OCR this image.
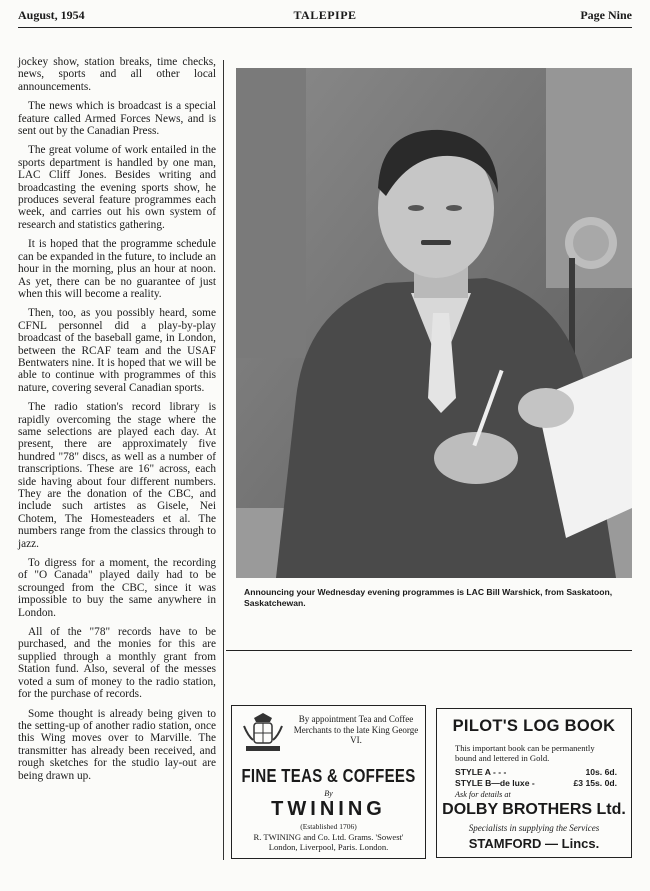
August, 1954	TALEPIPE	Page Nine

jockey show, station breaks, time checks, news, sports and all other local announcements.

The news which is broadcast is a special feature called Armed Forces News, and is sent out by the Canadian Press.

The great volume of work entailed in the sports department is handled by one man, LAC Cliff Jones. Besides writing and broadcasting the evening sports show, he produces several feature programmes each week, and carries out his own system of research and statistics gathering.

It is hoped that the programme schedule can be expanded in the future, to include an hour in the morning, plus an hour at noon. As yet, there can be no guarantee of just when this will become a reality.

Then, too, as you possibly heard, some CFNL personnel did a play-by-play broadcast of the baseball game, in London, between the RCAF team and the USAF Bentwaters nine. It is hoped that we will be able to continue with programmes of this nature, covering several Canadian sports.

The radio station's record library is rapidly overcoming the stage where the same selections are played each day. At present, there are approximately five hundred "78" discs, as well as a number of transcriptions. These are 16" across, each side having about four different numbers. They are the donation of the CBC, and include such artistes as Gisele, Nei Chotem, The Homesteaders et al. The numbers range from the classics through to jazz.

To digress for a moment, the recording of "O Canada" played daily had to be scrounged from the CBC, since it was impossible to buy the same anywhere in London.

All of the "78" records have to be purchased, and the monies for this are supplied through a monthly grant from Station fund. Also, several of the messes voted a sum of money to the radio station, for the purchase of records.

Some thought is already being given to the setting-up of another radio station, once this Wing moves over to Marville. The transmitter has already been received, and rough sketches for the studio lay-out are being drawn up.

Announcing your Wednesday evening programmes is LAC Bill Warshick, from Saskatoon, Saskatchewan.
By appointment Tea and Coffee Merchants to the late King George VI.
FINE TEAS & COFFEES
By
TWINING
(Established 1706)
R. TWINING and Co. Ltd. Grams. 'Sowest'
London, Liverpool, Paris. London.
PILOT'S LOG BOOK
This important book can be permanently bound and lettered in Gold.
STYLE A - - -	10s. 6d.
STYLE B—de luxe -	£3 15s. 0d.
Ask for details at
DOLBY BROTHERS Ltd.
Specialists in supplying the Services
STAMFORD — Lincs.
